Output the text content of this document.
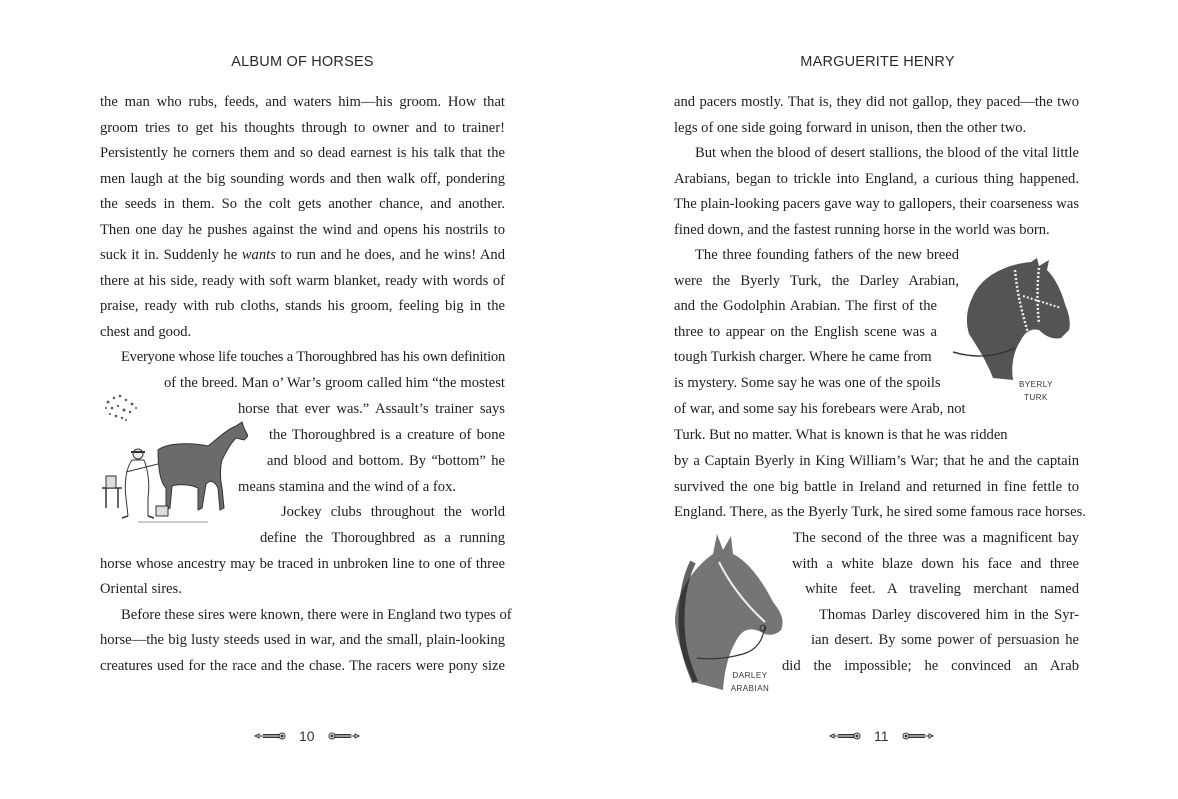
ALBUM OF HORSES
the man who rubs, feeds, and waters him—his groom. How that
groom tries to get his thoughts through to owner and to trainer!
Persistently he corners them and so dead earnest is his talk that the
men laugh at the big sounding words and then walk off, pondering
the seeds in them. So the colt gets another chance, and another.
Then one day he pushes against the wind and opens his nostrils to
suck it in. Suddenly he wants to run and he does, and he wins! And
there at his side, ready with soft warm blanket, ready with words of
praise, ready with rub cloths, stands his groom, feeling big in the
chest and good.
Everyone whose life touches a Thoroughbred has his own definition
of the breed. Man o’ War’s groom called him “the mostest
horse that ever was.” Assault’s trainer says
the Thoroughbred is a creature of bone
and blood and bottom. By “bottom” he
means stamina and the wind of a fox.
Jockey clubs throughout the world
define the Thoroughbred as a running
horse whose ancestry may be traced in unbroken line to one of three
Oriental sires.
Before these sires were known, there were in England two types of
horse—the big lusty steeds used in war, and the small, plain-looking
creatures used for the race and the chase. The racers were pony size
10
MARGUERITE HENRY
and pacers mostly. That is, they did not gallop, they paced—the two
legs of one side going forward in unison, then the other two.
But when the blood of desert stallions, the blood of the vital little
Arabians, began to trickle into England, a curious thing happened.
The plain-looking pacers gave way to gallopers, their coarseness was
fined down, and the fastest running horse in the world was born.
The three founding fathers of the new breed
were the Byerly Turk, the Darley Arabian,
and the Godolphin Arabian. The first of the
three to appear on the English scene was a
tough Turkish charger. Where he came from
is mystery. Some say he was one of the spoils
of war, and some say his forebears were Arab, not
Turk. But no matter. What is known is that he was ridden
by a Captain Byerly in King William’s War; that he and the captain
survived the one big battle in Ireland and returned in fine fettle to
England. There, as the Byerly Turk, he sired some famous race horses.
The second of the three was a magnificent bay
with a white blaze down his face and three
white feet. A traveling merchant named
Thomas Darley discovered him in the Syr-
ian desert. By some power of persuasion he
did the impossible; he convinced an Arab
BYERLY
TURK
DARLEY
ARABIAN
11
